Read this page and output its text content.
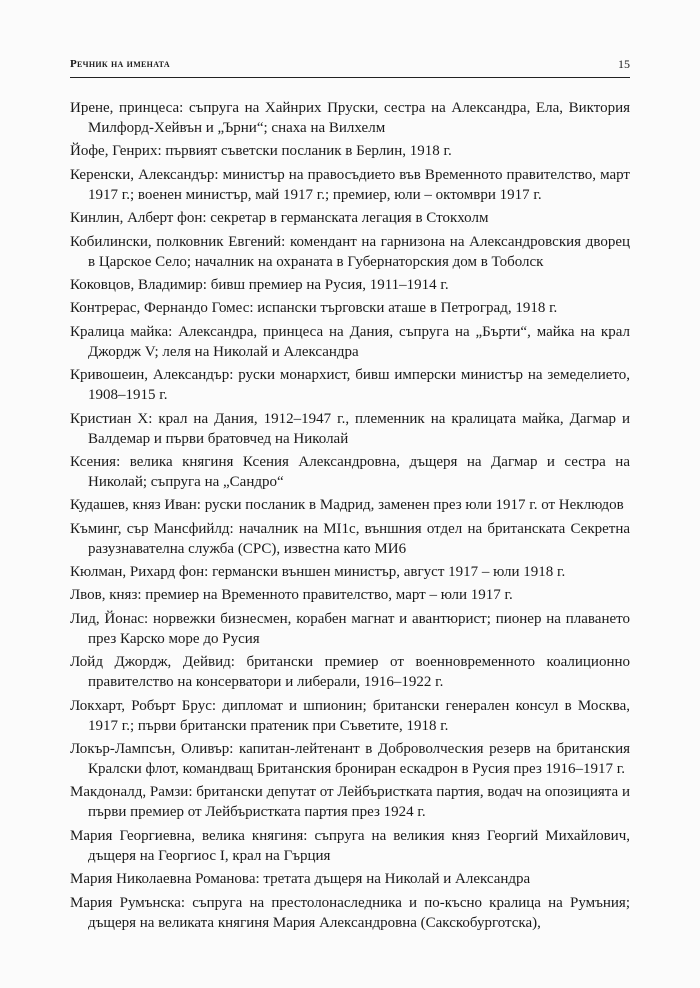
Речник на имената	15

Ирене, принцеса: съпруга на Хайнрих Пруски, сестра на Александра, Ела, Виктория Милфорд-Хейвън и „Ърни“; снаха на Вилхелм

Йофе, Генрих: първият съветски посланик в Берлин, 1918 г.

Керенски, Александър: министър на правосъдието във Временното правителство, март 1917 г.; военен министър, май 1917 г.; премиер, юли – октомври 1917 г.

Кинлин, Алберт фон: секретар в германската легация в Стокхолм

Кобилински, полковник Евгений: комендант на гарнизона на Александровския дворец в Царское Село; началник на охраната в Губернаторския дом в Тоболск

Коковцов, Владимир: бивш премиер на Русия, 1911–1914 г.

Контрерас, Фернандо Гомес: испански търговски аташе в Петроград, 1918 г.

Кралица майка: Александра, принцеса на Дания, съпруга на „Бърти“, майка на крал Джордж V; леля на Николай и Александра

Кривошеин, Александър: руски монархист, бивш имперски министър на земеделието, 1908–1915 г.

Кристиан X: крал на Дания, 1912–1947 г., племенник на кралицата майка, Дагмар и Валдемар и първи братовчед на Николай

Ксения: велика княгиня Ксения Александровна, дъщеря на Дагмар и сестра на Николай; съпруга на „Сандро“

Кудашев, княз Иван: руски посланик в Мадрид, заменен през юли 1917 г. от Неклюдов

Къминг, сър Мансфийлд: началник на MI1c, външния отдел на британската Секретна разузнавателна служба (СРС), известна като МИ6

Кюлман, Рихард фон: германски външен министър, август 1917 – юли 1918 г.

Лвов, княз: премиер на Временното правителство, март – юли 1917 г.

Лид, Йонас: норвежки бизнесмен, корабен магнат и авантюрист; пионер на плаването през Карско море до Русия

Лойд Джордж, Дейвид: британски премиер от военновременното коалиционно правителство на консерватори и либерали, 1916–1922 г.

Локхарт, Робърт Брус: дипломат и шпионин; британски генерален консул в Москва, 1917 г.; първи британски пратеник при Съветите, 1918 г.

Локър-Лампсън, Оливър: капитан-лейтенант в Доброволческия резерв на британския Кралски флот, командващ Британския брониран ескадрон в Русия през 1916–1917 г.

Макдоналд, Рамзи: британски депутат от Лейбъристката партия, водач на опозицията и първи премиер от Лейбъристката партия през 1924 г.

Мария Георгиевна, велика княгиня: съпруга на великия княз Георгий Михайлович, дъщеря на Георгиос I, крал на Гърция

Мария Николаевна Романова: третата дъщеря на Николай и Александра

Мария Румънска: съпруга на престолонаследника и по-късно кралица на Румъния; дъщеря на великата княгиня Мария Александровна (Сакскобурготска),
